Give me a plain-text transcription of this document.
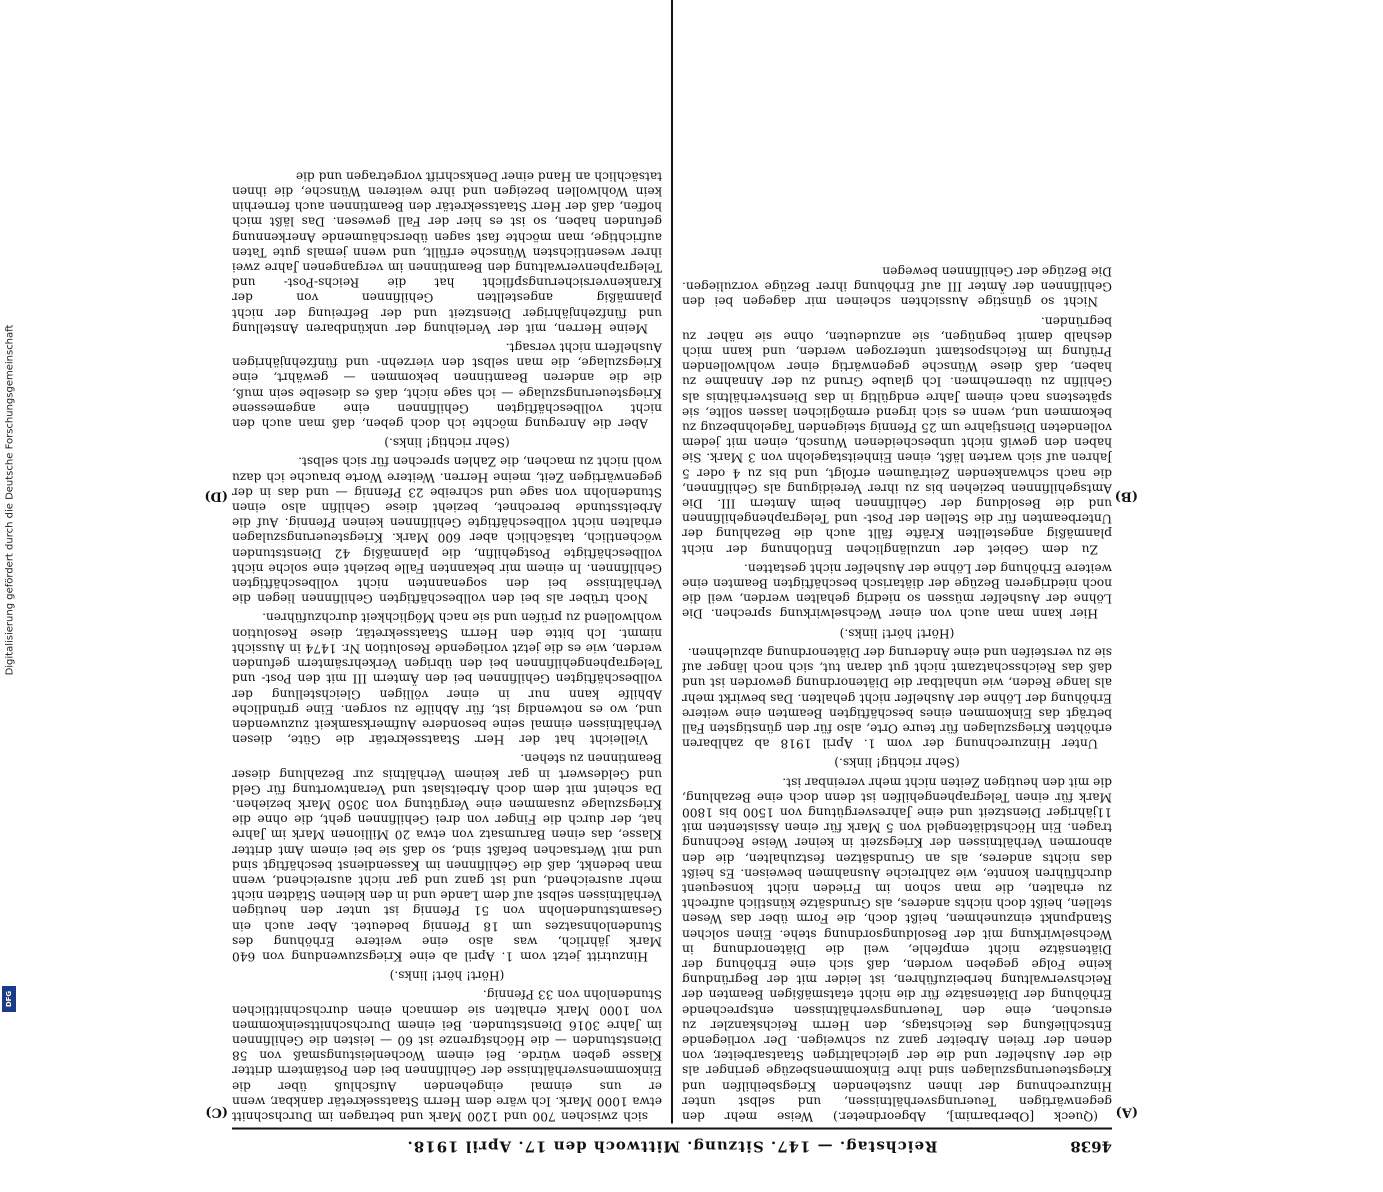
Digitalisierung gefördert durch die Deutsche Forschungsgemeinschaft
DFG
4638
Reichstag. — 147. Sitzung. Mittwoch den 17. April 1918.

(Queck [Oberbarnim], Abgeordneter.) Weise mehr den gegenwärtigen Teuerungsverhältnissen, und selbst unter Hinzurechnung der ihnen zustehenden Kriegsbeihilfen und Kriegsteuerungszulagen sind ihre Einkommensbezüge geringer als die der Aushelfer und die der gleichaltrigen Staatsarbeiter, von denen der freien Arbeiter ganz zu schweigen. Der vorliegende Entschließung des Reichstags, den Herrn Reichskanzler zu ersuchen, eine den Teuerungsverhältnissen entsprechende Erhöhung der Diätensätze für die nicht etatsmäßigen Beamten der Reichsverwaltung herbeizuführen, ist leider mit der Begründung keine Folge gegeben worden, daß sich eine Erhöhung der Diätensätze nicht empfehle, weil die Diätenordnung in Wechselwirkung mit der Besoldungsordnung stehe. Einen solchen Standpunkt einzunehmen, heißt doch, die Form über das Wesen stellen, heißt doch nichts anderes, als Grundsätze künstlich aufrecht zu erhalten, die man schon im Frieden nicht konsequent durchführen konnte, wie zahlreiche Ausnahmen beweisen. Es heißt das nichts anderes, als an Grundsätzen festzuhalten, die den abnormen Verhältnissen der Kriegszeit in keiner Weise Rechnung tragen. Ein Höchstdiätengeld von 5 Mark für einen Assistenten mit 11jähriger Dienstzeit und eine Jahresvergütung von 1500 bis 1800 Mark für einen Telegraphengehilfen ist denn doch eine Bezahlung, die mit den heutigen Zeiten nicht mehr vereinbar ist.

(Sehr richtig! links.)

Unter Hinzurechnung der vom 1. April 1918 ab zahlbaren erhöhten Kriegszulagen für teure Orte, also für den günstigsten Fall beträgt das Einkommen eines beschäftigten Beamten eine weitere Erhöhung der Löhne der Aushelfer nicht gehalten. Das bewirkt mehr als lange Reden, wie unhaltbar die Diätenordnung geworden ist und daß das Reichsschatzamt nicht gut daran tut, sich noch länger auf sie zu versteifen und eine Änderung der Diätenordnung abzulehnen.

(Hört! hört! links.)

Hier kann man auch von einer Wechselwirkung sprechen. Die Löhne der Aushelfer müssen so niedrig gehalten werden, weil die noch niedrigeren Bezüge der diätarisch beschäftigten Beamten eine weitere Erhöhung der Löhne der Aushelfer nicht gestatten.

Zu dem Gebiet der unzulänglichen Entlohnung der nicht planmäßig angestellten Kräfte fällt auch die Bezahlung der Unterbeamten für die Stellen der Post- und Telegraphengehilfinnen und die Besoldung der Gehilfinnen beim Amtern III. Die Amtsgehilfinnen beziehen bis zu ihrer Vereidigung als Gehilfinnen, die nach schwankenden Zeiträumen erfolgt, und bis zu 4 oder 5 Jahren auf sich warten läßt, einen Einheitstagelohn von 3 Mark. Sie haben den gewiß nicht unbescheidenen Wunsch, einen mit jedem vollendeten Dienstjahre um 25 Pfennig steigenden Tagelohnbezug zu bekommen und, wenn es sich irgend ermöglichen lassen sollte, sie spätestens nach einem Jahre endgültig in das Dienstverhältnis als Gehilfin zu übernehmen. Ich glaube Grund zu der Annahme zu haben, daß diese Wünsche gegenwärtig einer wohlwollenden Prüfung im Reichspostamt unterzogen werden, und kann mich deshalb damit begnügen, sie anzudeuten, ohne sie näher zu begründen.

Nicht so günstige Aussichten scheinen mir dagegen bei den Gehilfinnen der Ämter III auf Erhöhung ihrer Bezüge vorzuliegen. Die Bezüge der Gehilfinnen bewegen

sich zwischen 700 und 1200 Mark und betragen im Durchschnitt etwa 1000 Mark. Ich wäre dem Herrn Staatssekretär dankbar, wenn er uns einmal eingehenden Aufschluß über die Einkommensverhältnisse der Gehilfinnen bei den Postämtern dritter Klasse geben würde. Bei einem Wochenleistungsmaß von 58 Dienststunden — die Höchstgrenze ist 60 — leisten die Gehilfinnen im Jahre 3016 Dienststunden. Bei einem Durchschnittseinkommen von 1000 Mark erhalten sie demnach einen durchschnittlichen Stundenlohn von 33 Pfennig.

(Hört! hört! links.)

Hinzutritt jetzt vom 1. April ab eine Kriegszuwendung von 640 Mark jährlich, was also eine weitere Erhöhung des Stundenlohnsatzes um 18 Pfennig bedeutet. Aber auch ein Gesamtstundenlohn von 51 Pfennig ist unter den heutigen Verhältnissen selbst auf dem Lande und in den kleinen Städten nicht mehr ausreichend, und ist ganz und gar nicht ausreichend, wenn man bedenkt, daß die Gehilfinnen im Kassendienst beschäftigt sind und mit Wertsachen befaßt sind, so daß sie bei einem Amt dritter Klasse, das einen Barumsatz von etwa 20 Millionen Mark im Jahre hat, der durch die Finger von drei Gehilfinnen geht, die ohne die Kriegszulage zusammen eine Vergütung von 3050 Mark beziehen. Da scheint mit dem doch Arbeitslast und Verantwortung für Geld und Geldeswert in gar keinem Verhältnis zur Bezahlung dieser Beamtinnen zu stehen.

Vielleicht hat der Herr Staatssekretär die Güte, diesen Verhältnissen einmal seine besondere Aufmerksamkeit zuzuwenden und, wo es notwendig ist, für Abhilfe zu sorgen. Eine gründliche Abhilfe kann nur in einer völligen Gleichstellung der vollbeschäftigten Gehilfinnen bei den Ämtern III mit den Post- und Telegraphengehilfinnen bei den übrigen Verkehrsämtern gefunden werden, wie es die jetzt vorliegende Resolution Nr. 1474 in Aussicht nimmt. Ich bitte den Herrn Staatssekretär, diese Resolution wohlwollend zu prüfen und sie nach Möglichkeit durchzuführen.

Noch trüber als bei den vollbeschäftigten Gehilfinnen liegen die Verhältnisse bei den sogenannten nicht vollbeschäftigten Gehilfinnen. In einem mir bekannten Falle bezieht eine solche nicht vollbeschäftigte Postgehilfin, die planmäßig 42 Dienststunden wöchentlich, tatsächlich aber 600 Mark. Kriegsteuerungszulagen erhalten nicht vollbeschäftigte Gehilfinnen keinen Pfennig. Auf die Arbeitsstunde berechnet, bezieht diese Gehilfin also einen Stundenlohn von sage und schreibe 23 Pfennig — und das in der gegenwärtigen Zeit, meine Herren. Weitere Worte brauche ich dazu wohl nicht zu machen, die Zahlen sprechen für sich selbst.

(Sehr richtig! links.)

Aber die Anregung möchte ich doch geben, daß man auch den nicht vollbeschäftigten Gehilfinnen eine angemessene Kriegsteuerungszulage — ich sage nicht, daß es dieselbe sein muß, die die anderen Beamtinnen bekommen — gewährt, eine Kriegszulage, die man selbst den vierzehn- und fünfzehnjährigen Aushelfern nicht versagt.

Meine Herren, mit der Verleihung der unkündbaren Anstellung und fünfzehnjähriger Dienstzeit und der Befreiung der nicht planmäßig angestellten Gehilfinnen von der Krankenversicherungspflicht hat die Reichs-Post- und Telegraphenverwaltung den Beamtinnen im vergangenen Jahre zwei ihrer wesentlichsten Wünsche erfüllt, und wenn jemals gute Taten aufrichtige, man möchte fast sagen überschäumende Anerkennung gefunden haben, so ist es hier der Fall gewesen. Das läßt mich hoffen, daß der Herr Staatssekretär den Beamtinnen auch fernerhin kein Wohlwollen bezeigen und ihre weiteren Wünsche, die ihnen tatsächlich an Hand einer Denkschrift vorgetragen und die

(A)
(B)
(C)
(D)
